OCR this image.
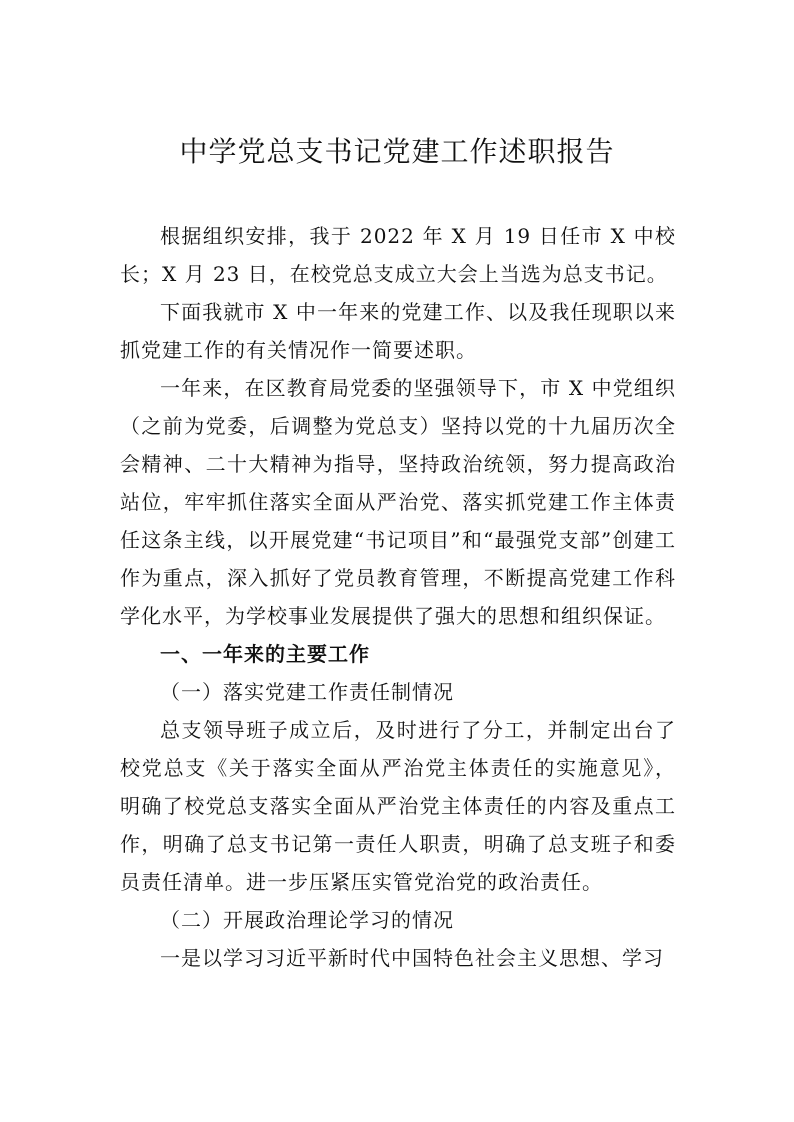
中学党总支书记党建工作述职报告

根据组织安排，我于 2022 年 X 月 19 日任市 X 中校长；X 月 23 日，在校党总支成立大会上当选为总支书记。

下面我就市 X 中一年来的党建工作、以及我任现职以来抓党建工作的有关情况作一简要述职。

一年来，在区教育局党委的坚强领导下，市 X 中党组织（之前为党委，后调整为党总支）坚持以党的十九届历次全会精神、二十大精神为指导，坚持政治统领，努力提高政治站位，牢牢抓住落实全面从严治党、落实抓党建工作主体责任这条主线，以开展党建“书记项目”和“最强党支部”创建工作为重点，深入抓好了党员教育管理，不断提高党建工作科学化水平，为学校事业发展提供了强大的思想和组织保证。

一、一年来的主要工作

（一）落实党建工作责任制情况

总支领导班子成立后，及时进行了分工，并制定出台了校党总支《关于落实全面从严治党主体责任的实施意见》，明确了校党总支落实全面从严治党主体责任的内容及重点工 作，明确了总支书记第一责任人职责，明确了总支班子和委员责任清单。进一步压紧压实管党治党的政治责任。

（二）开展政治理论学习的情况

一是以学习习近平新时代中国特色社会主义思想、学习
